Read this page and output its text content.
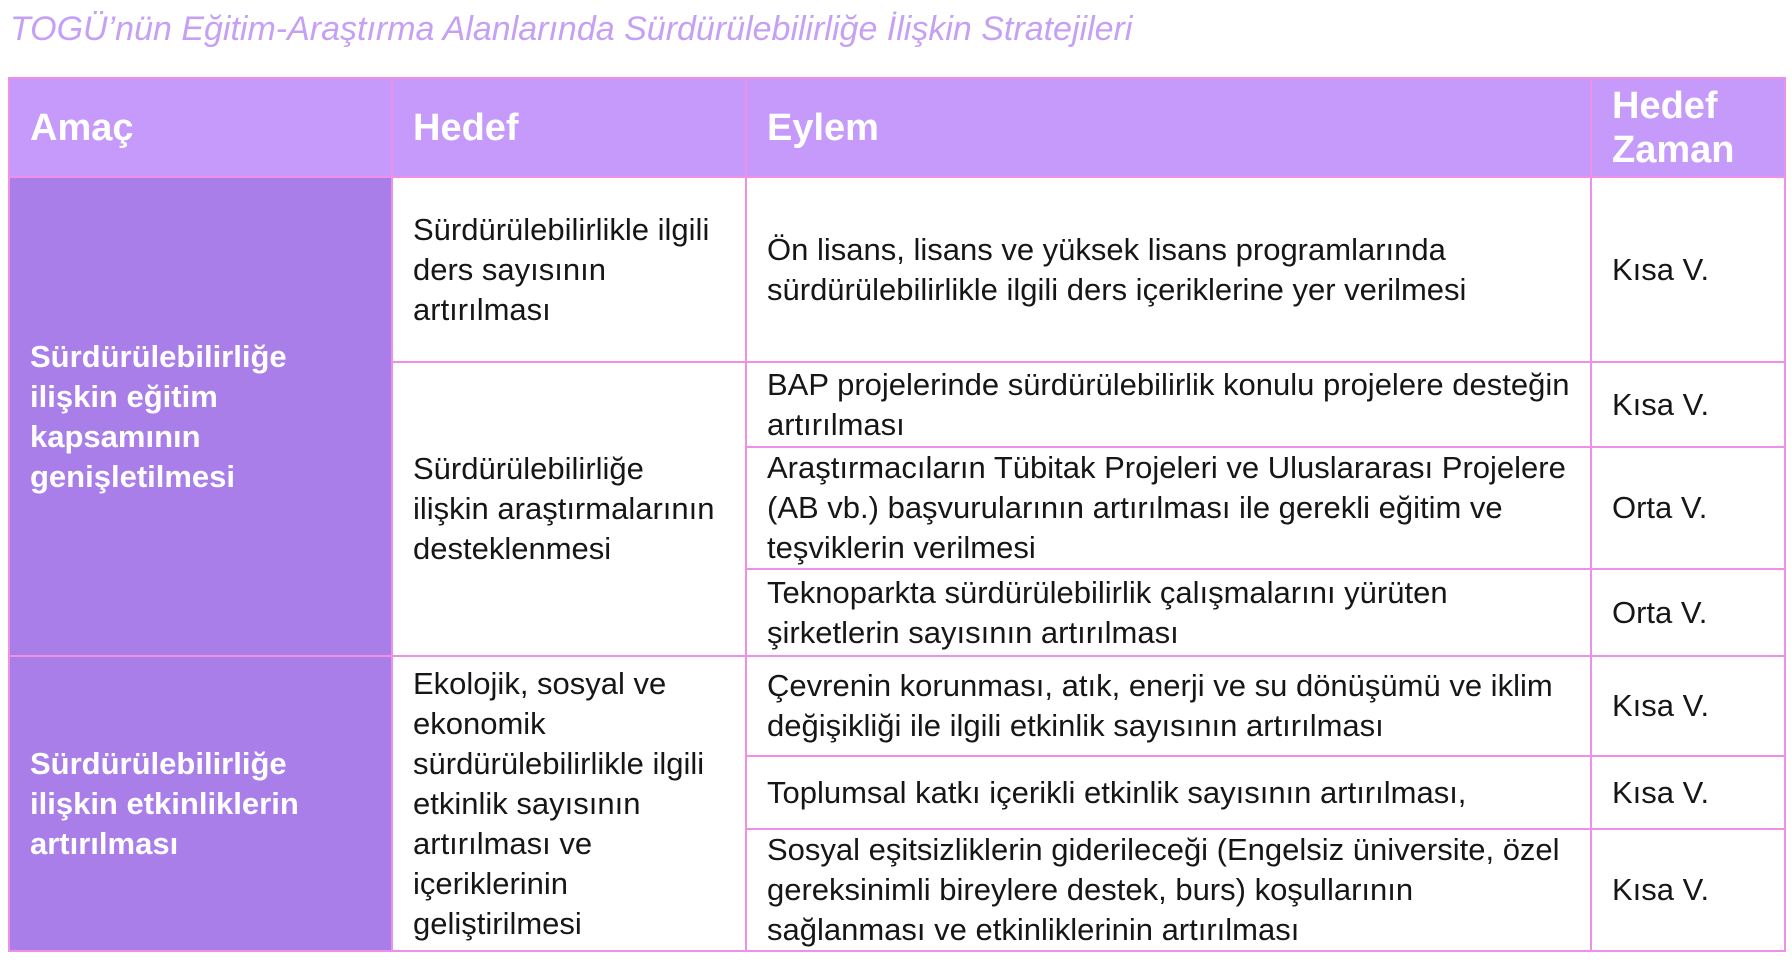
TOGÜ’nün Eğitim-Araştırma Alanlarında Sürdürülebilirliğe İlişkin Stratejileri
Amaç	Hedef	Eylem	Hedef
Zaman

Sürdürülebilirliğe ilişkin eğitim kapsamının genişletilmesi	Sürdürülebilirlikle ilgili ders sayısının artırılması	Ön lisans, lisans ve yüksek lisans programlarında sürdürülebilirlikle ilgili ders içeriklerine yer verilmesi	Kısa V.
	Sürdürülebilirliğe ilişkin araştırmalarının desteklenmesi	BAP projelerinde sürdürülebilirlik konulu projelere desteğin artırılması	Kısa V.
		Araştırmacıların Tübitak Projeleri ve Uluslararası Projelere (AB vb.) başvurularının artırılması ile gerekli eğitim ve teşviklerin verilmesi	Orta V.
		Teknoparkta sürdürülebilirlik çalışmalarını yürüten şirketlerin sayısının artırılması	Orta V.
Sürdürülebilirliğe ilişkin etkinliklerin artırılması	Ekolojik, sosyal ve ekonomik sürdürülebilirlikle ilgili etkinlik sayısının artırılması ve içeriklerinin geliştirilmesi	Çevrenin korunması, atık, enerji ve su dönüşümü ve iklim değişikliği ile ilgili etkinlik sayısının artırılması	Kısa V.
		Toplumsal katkı içerikli etkinlik sayısının artırılması,	Kısa V.
		Sosyal eşitsizliklerin giderileceği (Engelsiz üniversite, özel gereksinimli bireylere destek, burs) koşullarının sağlanması ve etkinliklerinin artırılması	Kısa V.
